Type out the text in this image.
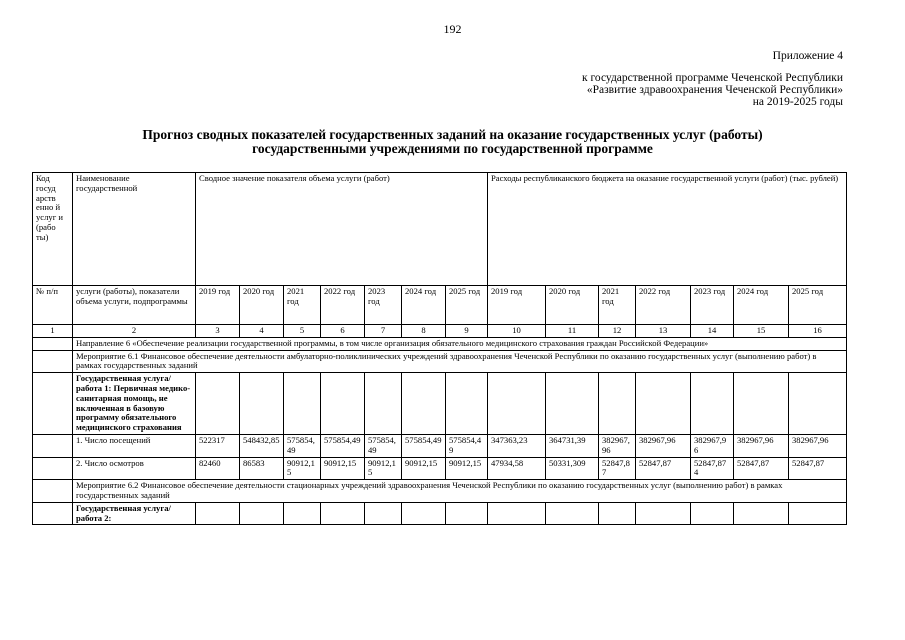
192
Приложение 4
к государственной программе Чеченской Республики
«Развитие здравоохранения Чеченской Республики»
на 2019-2025 годы
Прогноз сводных показателей государственных заданий на оказание государственных услуг (работы)
государственными учреждениями по государственной программе
Код госуд арств енно й услуг и (рабо ты)	Наименование государственной	Сводное значение показателя объема услуги (работ)							Расходы республиканского бюджета на оказание государственной услуги (работ) (тыс. рублей)						
№ п/п	услуги (работы), показатели объема услуги, подпрограммы	2019 год	2020 год	2021 год	2022 год	2023 год	2024 год	2025 год	2019 год	2020 год	2021 год	2022 год	2023 год	2024 год	2025 год
1	2	3	4	5	6	7	8	9	10	11	12	13	14	15	16
	Направление 6 «Обеспечение реализации государственной программы, в том числе организация обязательного медицинского страхования граждан Российской Федерации»														
	Мероприятие 6.1 Финансовое обеспечение деятельности амбулаторно-поликлинических учреждений здравоохранения Чеченской Республики по оказанию государственных услуг (выполнению работ) в рамках государственных заданий														
	Государственная услуга/работа 1: Первичная медико-санитарная помощь, не включенная в базовую программу обязательного медицинского страхования														
	1. Число посещений	522317	548432,85	575854,49	575854,49	575854,49	575854,49	575854,49	347363,23	364731,39	382967,96	382967,96	382967,96	382967,96	382967,96
	2. Число осмотров	82460	86583	90912,15	90912,15	90912,15	90912,15	90912,15	47934,58	50331,309	52847,87	52847,87	52847,874	52847,87	52847,87
	Мероприятие 6.2 Финансовое обеспечение деятельности стационарных учреждений здравоохранения Чеченской Республики по оказанию государственных услуг (выполнению работ) в рамках государственных заданий														
	Государственная услуга/работа 2:														
